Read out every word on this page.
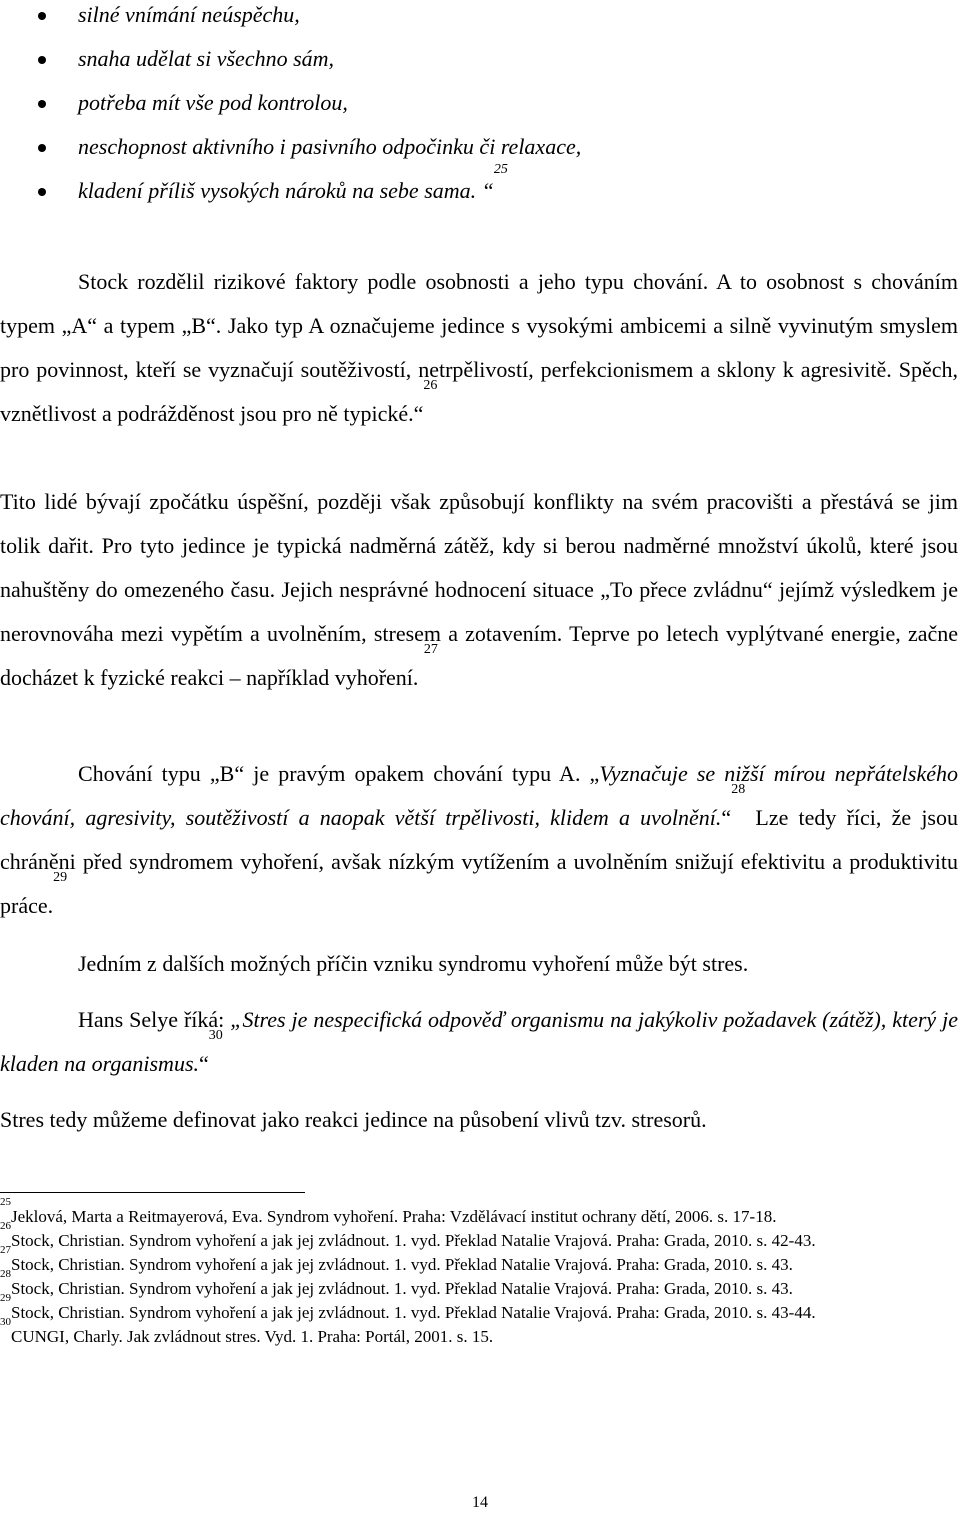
silné vnímání neúspěchu,
snaha udělat si všechno sám,
potřeba mít vše pod kontrolou,
neschopnost aktivního i pasivního odpočinku či relaxace,
kladení příliš vysokých nároků na sebe sama. “$^{25}$

Stock rozdělil rizikové faktory podle osobnosti a jeho typu chování. A to osobnost s chováním typem „A“ a typem „B“. Jako typ A označujeme jedince s vysokými ambicemi a silně vyvinutým smyslem pro povinnost, kteří se vyznačují soutěživostí, netrpělivostí, perfekcionismem a sklony k agresivitě. Spěch, vznětlivost a podrážděnost jsou pro ně typické.“$^{26}$

Tito lidé bývají zpočátku úspěšní, později však způsobují konflikty na svém pracovišti a přestává se jim tolik dařit. Pro tyto jedince je typická nadměrná zátěž, kdy si berou nadměrné množství úkolů, které jsou nahuštěny do omezeného času. Jejich nesprávné hodnocení situace „To přece zvládnu“ jejímž výsledkem je nerovnováha mezi vypětím a uvolněním, stresem a zotavením. Teprve po letech vyplýtvané energie, začne docházet k fyzické reakci – například vyhoření. $^{27}$

Chování typu „B“ je pravým opakem chování typu A. „Vyznačuje se nižší mírou nepřátelského chování, agresivity, soutěživostí a naopak větší trpělivosti, klidem a uvolnění.“$^{28}$ Lze tedy říci, že jsou chráněni před syndromem vyhoření, avšak nízkým vytížením a uvolněním snižují efektivitu a produktivitu práce.$^{29}$

Jedním z dalších možných příčin vzniku syndromu vyhoření může být stres.

Hans Selye říká: „Stres je nespecifická odpověď organismu na jakýkoliv požadavek (zátěž), který je kladen na organismus.“$^{30}$

Stres tedy můžeme definovat jako reakci jedince na působení vlivů tzv. stresorů.

$^{25}$Jeklová, Marta a Reitmayerová, Eva. Syndrom vyhoření. Praha: Vzdělávací institut ochrany dětí, 2006. s. 17-18.

$^{26}$Stock, Christian. Syndrom vyhoření a jak jej zvládnout. 1. vyd. Překlad Natalie Vrajová. Praha: Grada, 2010. s. 42-43.

$^{27}$Stock, Christian. Syndrom vyhoření a jak jej zvládnout. 1. vyd. Překlad Natalie Vrajová. Praha: Grada, 2010. s. 43.

$^{28}$Stock, Christian. Syndrom vyhoření a jak jej zvládnout. 1. vyd. Překlad Natalie Vrajová. Praha: Grada, 2010. s. 43.

$^{29}$Stock, Christian. Syndrom vyhoření a jak jej zvládnout. 1. vyd. Překlad Natalie Vrajová. Praha: Grada, 2010. s. 43-44.

$^{30}$CUNGI, Charly. Jak zvládnout stres. Vyd. 1. Praha: Portál, 2001. s. 15.

14
